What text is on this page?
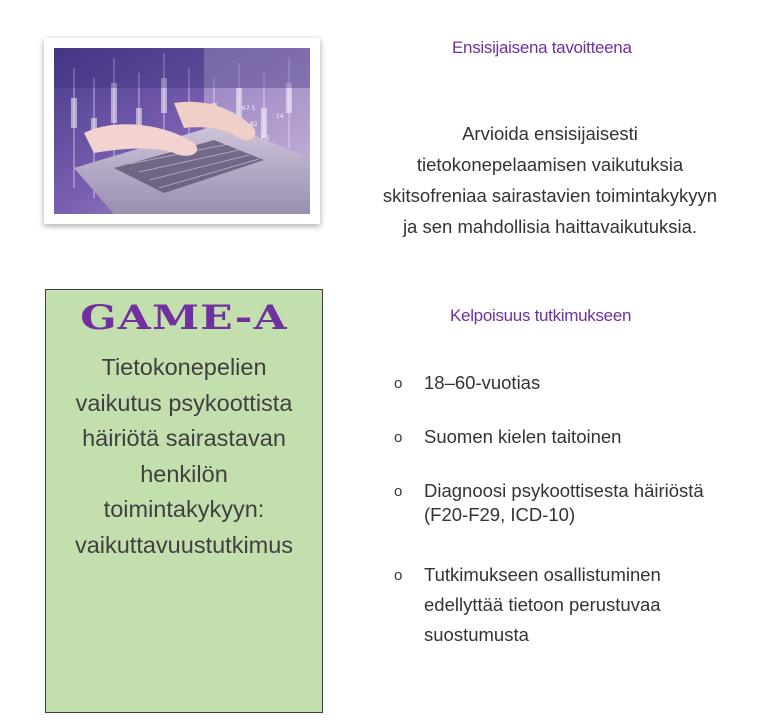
67.5
82
14
7.5
Ensisijaisena tavoitteena
Arvioida ensisijaisesti
tietokonepelaamisen vaikutuksia
skitsofreniaa sairastavien toimintakykyyn
ja sen mahdollisia haittavaikutuksia.
GAME-A
Tietokonepelien
vaikutus psykoottista
häiriötä sairastavan
henkilön
toimintakykyyn:
vaikuttavuustutkimus
Kelpoisuus tutkimukseen
o	18–60-vuotias
o	Suomen kielen taitoinen
o	Diagnoosi psykoottisesta häiriöstä
(F20-F29, ICD-10)
o	Tutkimukseen osallistuminen
edellyttää tietoon perustuvaa
suostumusta
